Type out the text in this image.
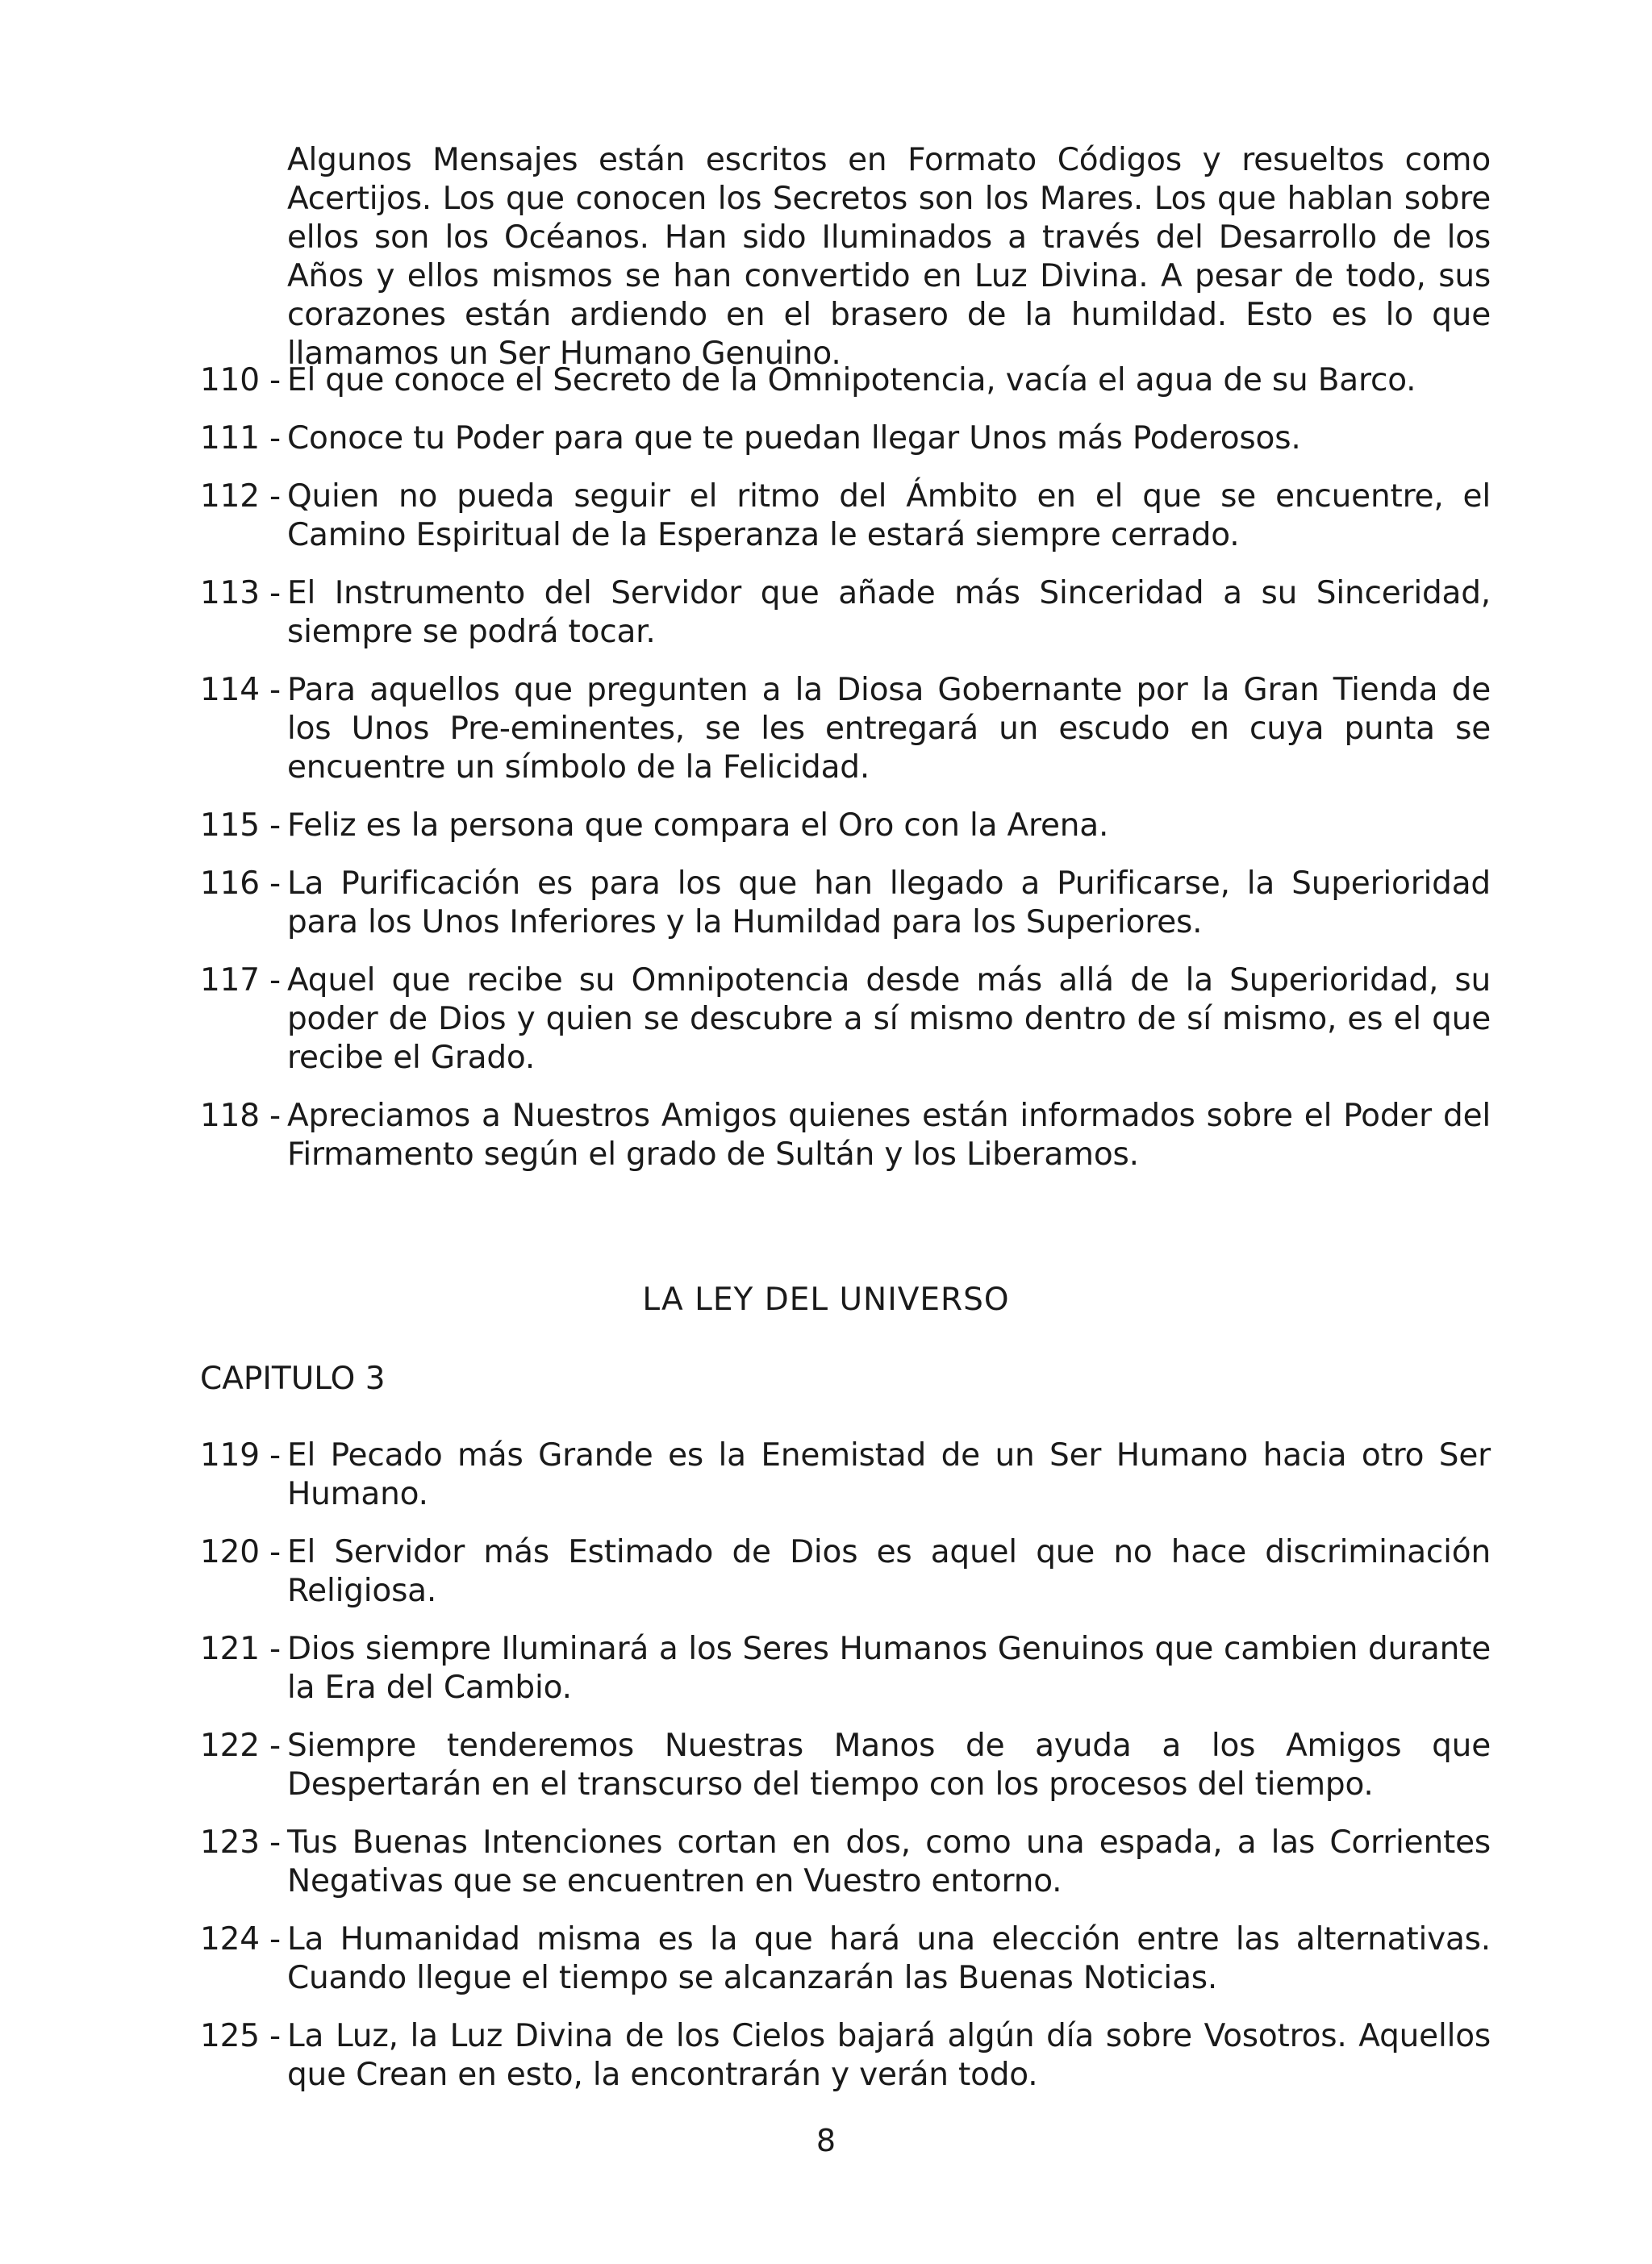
Algunos Mensajes están escritos en Formato Códigos y resueltos como Acertijos. Los que conocen los Secretos son los Mares. Los que hablan sobre ellos son los Océanos. Han sido Iluminados a través del Desarrollo de los Años y ellos mismos se han convertido en Luz Divina. A pesar de todo, sus corazones están ardiendo en el brasero de la humildad. Esto es lo que llamamos un Ser Humano Genuino.
110 - El que conoce el Secreto de la Omnipotencia, vacía el agua de su Barco.
111 - Conoce tu Poder para que te puedan llegar Unos más Poderosos.
112 - Quien no pueda seguir el ritmo del Ámbito en el que se encuentre, el Camino Espiritual de la Esperanza le estará siempre cerrado.
113 - El Instrumento del Servidor que añade más Sinceridad a su Sinceridad, siempre se podrá tocar.
114 - Para aquellos que pregunten a la Diosa Gobernante por la Gran Tienda de los Unos Pre-eminentes, se les entregará un escudo en cuya punta se encuentre un símbolo de la Felicidad.
115 - Feliz es la persona que compara el Oro con la Arena.
116 - La Purificación es para los que han llegado a Purificarse, la Superioridad para los Unos Inferiores y la Humildad para los Superiores.
117 - Aquel que recibe su Omnipotencia desde más allá de la Superioridad, su poder de Dios y quien se descubre a sí mismo dentro de sí mismo, es el que recibe el Grado.
118 - Apreciamos a Nuestros Amigos quienes están informados sobre el Poder del Firmamento según el grado de Sultán y los Liberamos.
LA LEY DEL UNIVERSO
CAPITULO 3
119 - El Pecado más Grande es la Enemistad de un Ser Humano hacia otro Ser Humano.
120 - El Servidor más Estimado de Dios es aquel que no hace discriminación Religiosa.
121 - Dios siempre Iluminará a los Seres Humanos Genuinos que cambien durante la Era del Cambio.
122 - Siempre tenderemos Nuestras Manos de ayuda a los Amigos que Despertarán en el transcurso del tiempo con los procesos del tiempo.
123 - Tus Buenas Intenciones cortan en dos, como una espada, a las Corrientes Negativas que se encuentren en Vuestro entorno.
124 - La Humanidad misma es la que hará una elección entre las alternativas. Cuando llegue el tiempo se alcanzarán las Buenas Noticias.
125 - La Luz, la Luz Divina de los Cielos bajará algún día sobre Vosotros. Aquellos que Crean en esto, la encontrarán y verán todo.
8
